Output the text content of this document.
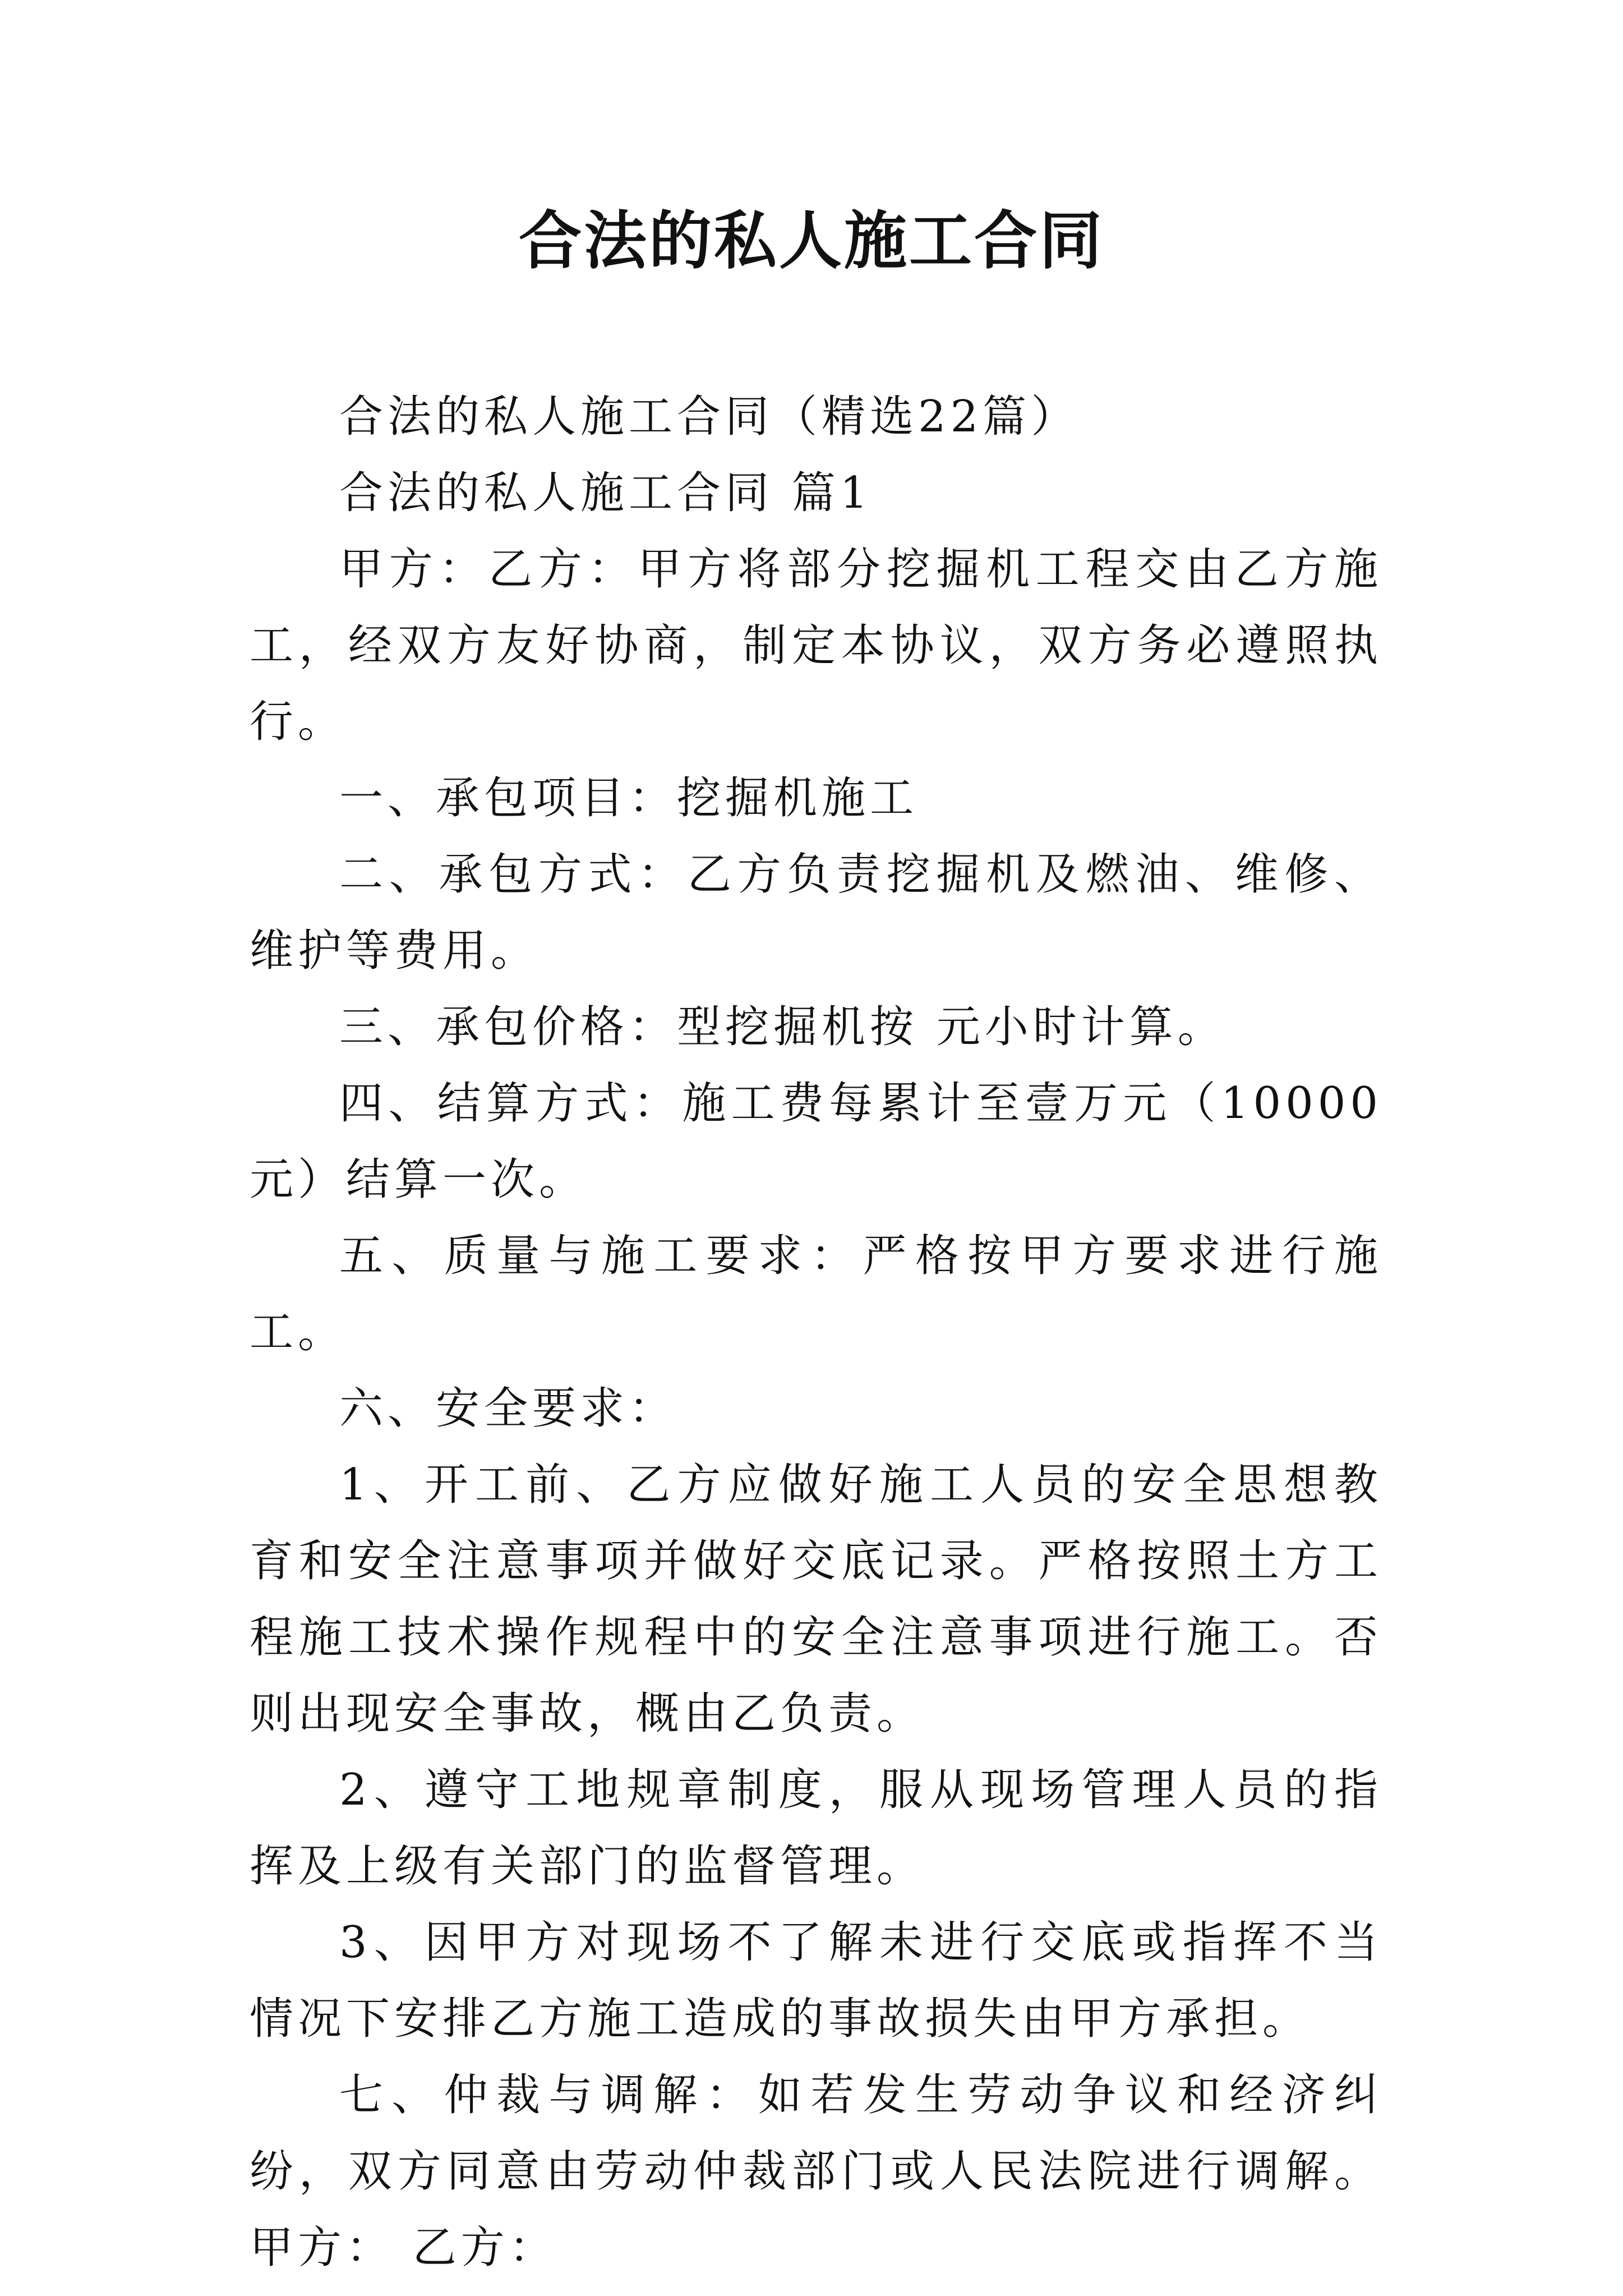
合法的私人施工合同

合法的私人施工合同（精选22篇）

合法的私人施工合同 篇1

甲方：乙方：甲方将部分挖掘机工程交由乙方施工，经双方友好协商，制定本协议，双方务必遵照执行。

一、承包项目：挖掘机施工

二、承包方式：乙方负责挖掘机及燃油、维修、维护等费用。

三、承包价格：型挖掘机按 元小时计算。

四、结算方式：施工费每累计至壹万元（10000元）结算一次。

五、质量与施工要求：严格按甲方要求进行施工。

六、安全要求：

1、开工前、乙方应做好施工人员的安全思想教育和安全注意事项并做好交底记录。严格按照土方工程施工技术操作规程中的安全注意事项进行施工。否则出现安全事故，概由乙负责。

2、遵守工地规章制度，服从现场管理人员的指挥及上级有关部门的监督管理。

3、因甲方对现场不了解未进行交底或指挥不当情况下安排乙方施工造成的事故损失由甲方承担。

七、仲裁与调解：如若发生劳动争议和经济纠纷，双方同意由劳动仲裁部门或人民法院进行调解。甲方： 乙方：
